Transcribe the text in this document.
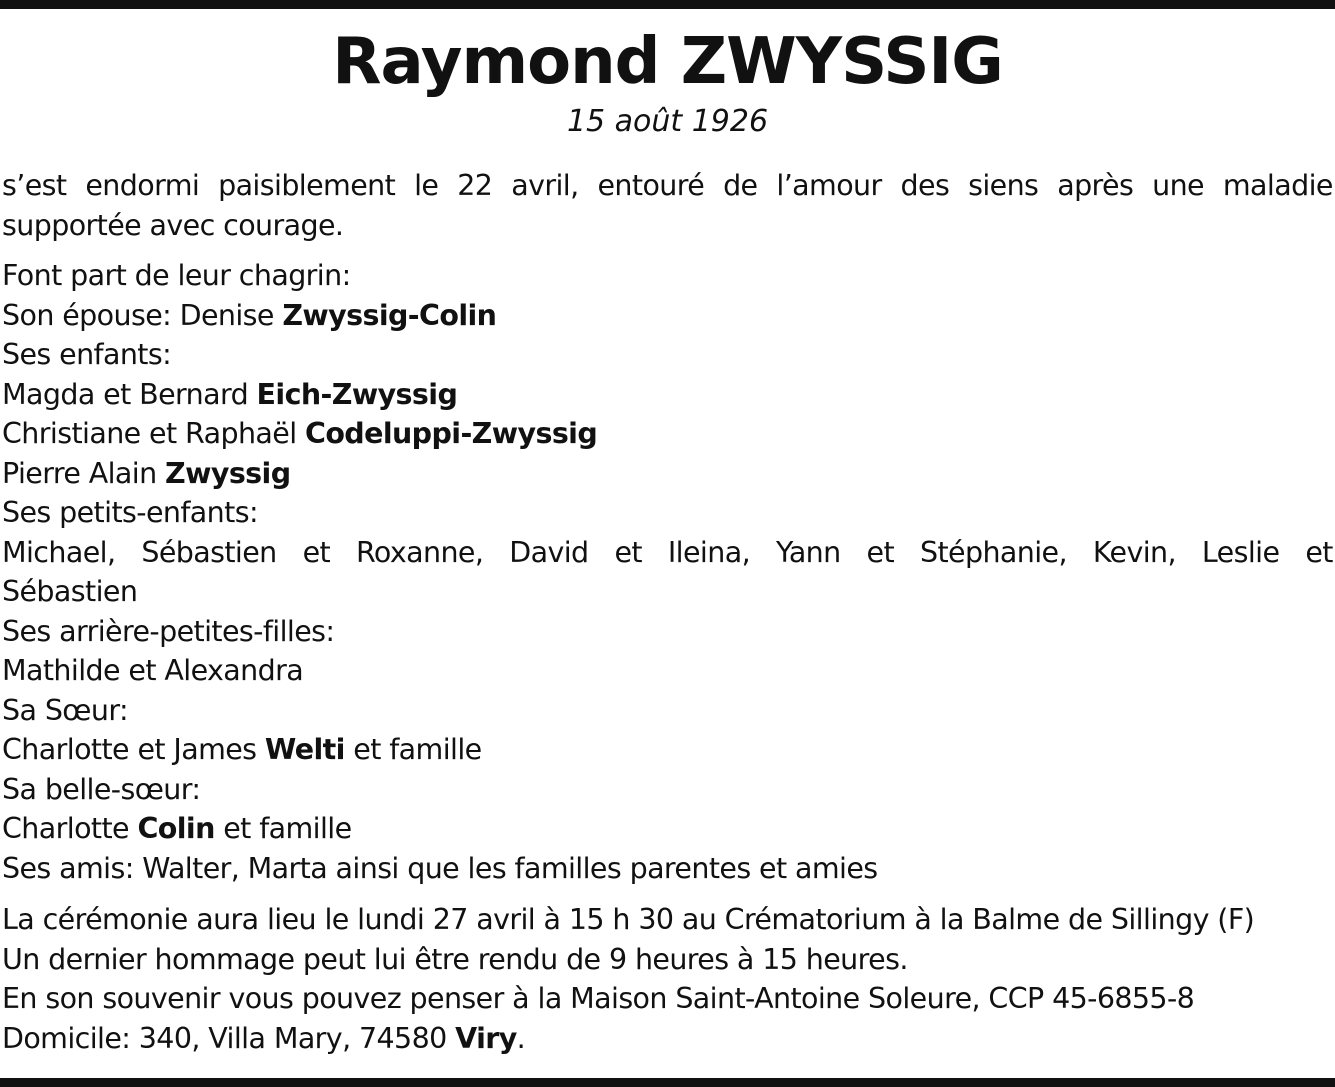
Raymond ZWYSSIG
15 août 1926
s’est endormi paisiblement le 22 avril, entouré de l’amour des siens après une maladie
supportée avec courage.
Font part de leur chagrin:
Son épouse: Denise Zwyssig-Colin
Ses enfants:
Magda et Bernard Eich-Zwyssig
Christiane et Raphaël Codeluppi-Zwyssig
Pierre Alain Zwyssig
Ses petits-enfants:
Michael, Sébastien et Roxanne, David et Ileina, Yann et Stéphanie, Kevin, Leslie et
Sébastien
Ses arrière-petites-filles:
Mathilde et Alexandra
Sa Sœur:
Charlotte et James Welti et famille
Sa belle-sœur:
Charlotte Colin et famille
Ses amis: Walter, Marta ainsi que les familles parentes et amies
La cérémonie aura lieu le lundi 27 avril à 15 h 30 au Crématorium à la Balme de Sillingy (F)
Un dernier hommage peut lui être rendu de 9 heures à 15 heures.
En son souvenir vous pouvez penser à la Maison Saint-Antoine Soleure, CCP 45-6855-8
Domicile: 340, Villa Mary, 74580 Viry.
